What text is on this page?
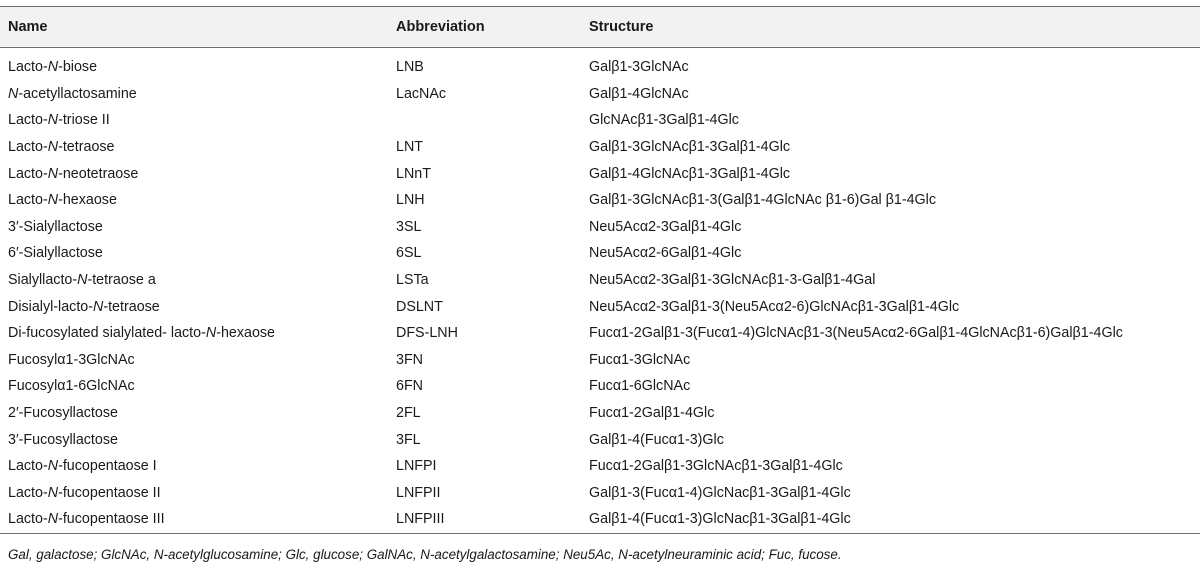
Name	Abbreviation	Structure
Lacto-N-biose	LNB	Galβ1-3GlcNAc
N-acetyllactosamine	LacNAc	Galβ1-4GlcNAc
Lacto-N-triose II		GlcNAcβ1-3Galβ1-4Glc
Lacto-N-tetraose	LNT	Galβ1-3GlcNAcβ1-3Galβ1-4Glc
Lacto-N-neotetraose	LNnT	Galβ1-4GlcNAcβ1-3Galβ1-4Glc
Lacto-N-hexaose	LNH	Galβ1-3GlcNAcβ1-3(Galβ1-4GlcNAc β1-6)Gal β1-4Glc
3′-Sialyllactose	3SL	Neu5Acα2-3Galβ1-4Glc
6′-Sialyllactose	6SL	Neu5Acα2-6Galβ1-4Glc
Sialyllacto-N-tetraose a	LSTa	Neu5Acα2-3Galβ1-3GlcNAcβ1-3-Galβ1-4Gal
Disialyl-lacto-N-tetraose	DSLNT	Neu5Acα2-3Galβ1-3(Neu5Acα2-6)GlcNAcβ1-3Galβ1-4Glc
Di-fucosylated sialylated- lacto-N-hexaose	DFS-LNH	Fucα1-2Galβ1-3(Fucα1-4)GlcNAcβ1-3(Neu5Acα2-6Galβ1-4GlcNAcβ1-6)Galβ1-4Glc
Fucosylα1-3GlcNAc	3FN	Fucα1-3GlcNAc
Fucosylα1-6GlcNAc	6FN	Fucα1-6GlcNAc
2′-Fucosyllactose	2FL	Fucα1-2Galβ1-4Glc
3′-Fucosyllactose	3FL	Galβ1-4(Fucα1-3)Glc
Lacto-N-fucopentaose I	LNFPI	Fucα1-2Galβ1-3GlcNAcβ1-3Galβ1-4Glc
Lacto-N-fucopentaose II	LNFPII	Galβ1-3(Fucα1-4)GlcNacβ1-3Galβ1-4Glc
Lacto-N-fucopentaose III	LNFPIII	Galβ1-4(Fucα1-3)GlcNacβ1-3Galβ1-4Glc
Gal, galactose; GlcNAc, N-acetylglucosamine; Glc, glucose; GalNAc, N-acetylgalactosamine; Neu5Ac, N-acetylneuraminic acid; Fuc, fucose.
